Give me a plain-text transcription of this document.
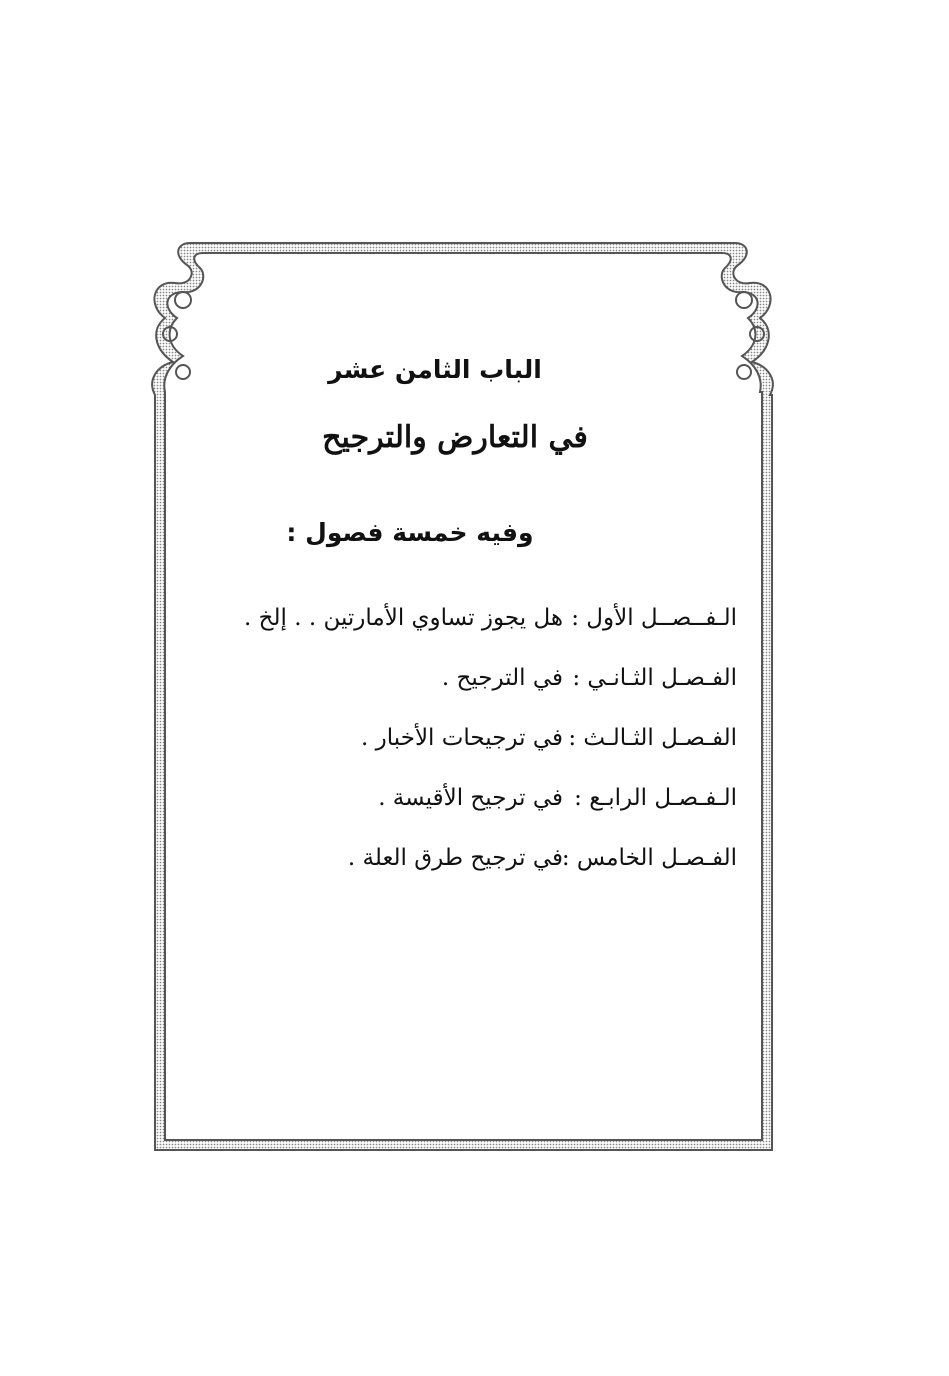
الباب الثامن عشر
في التعارض والترجيح
وفيه خمسة فصول :
الـفــصــل الأول :
هل يجوز تساوي الأمارتين . . إلخ .
الفـصـل الثـانـي :
في الترجيح .
الفـصـل الثـالـث :
في ترجيحات الأخبار .
الـفـصـل الرابـع :
في ترجيح الأقيسة .
الفـصـل الخامس :
في ترجيح طرق العلة .
